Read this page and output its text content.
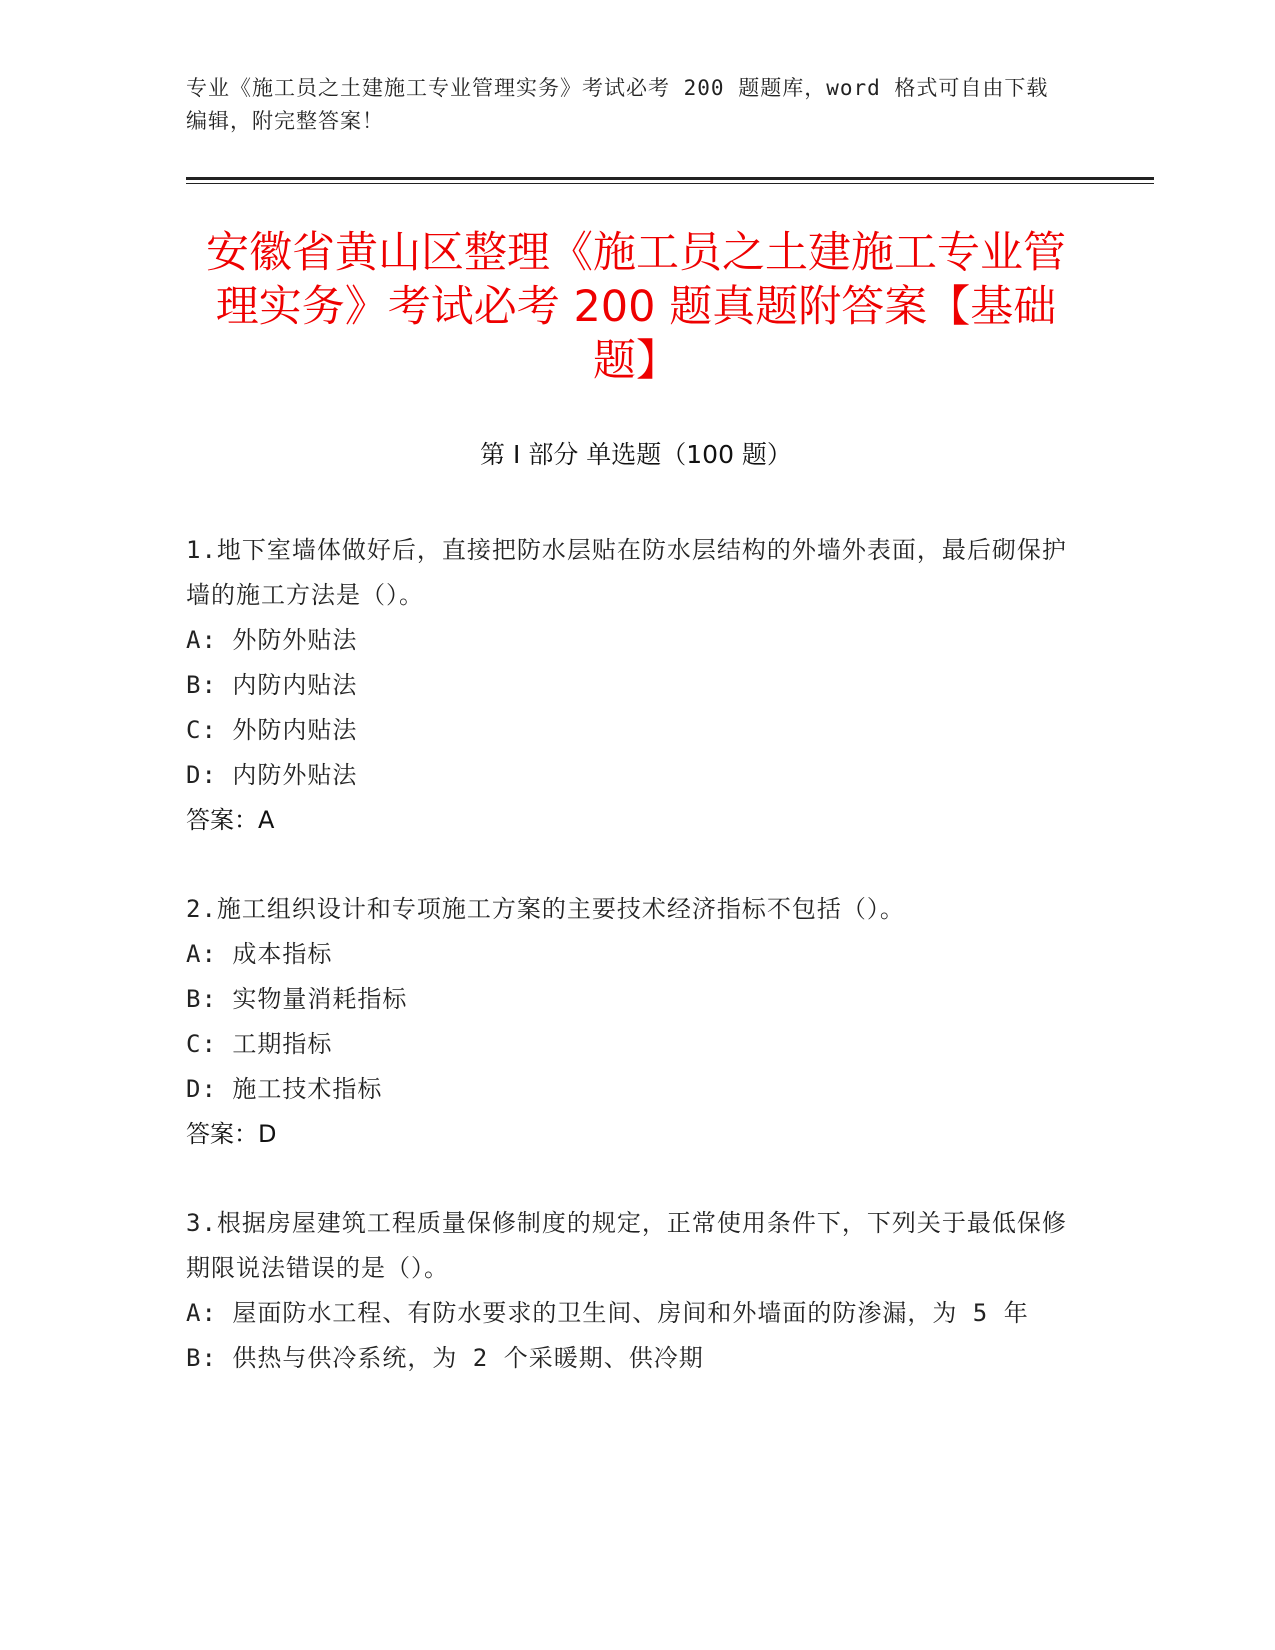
专业《施工员之土建施工专业管理实务》考试必考 200 题题库，word 格式可自由下载编辑，附完整答案！
安徽省黄山区整理《施工员之土建施工专业管理实务》考试必考 200 题真题附答案【基础题】
第 I 部分 单选题（100 题）
1.地下室墙体做好后，直接把防水层贴在防水层结构的外墙外表面，最后砌保护墙的施工方法是（）。
A: 外防外贴法
B: 内防内贴法
C: 外防内贴法
D: 内防外贴法
答案：A
2.施工组织设计和专项施工方案的主要技术经济指标不包括（）。
A: 成本指标
B: 实物量消耗指标
C: 工期指标
D: 施工技术指标
答案：D
3.根据房屋建筑工程质量保修制度的规定，正常使用条件下，下列关于最低保修期限说法错误的是（）。
A: 屋面防水工程、有防水要求的卫生间、房间和外墙面的防渗漏，为 5 年
B: 供热与供冷系统，为 2 个采暖期、供冷期
